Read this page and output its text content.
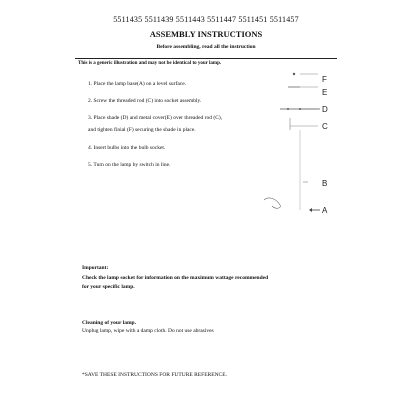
5511435 5511439 5511443 5511447 5511451 5511457
ASSEMBLY INSTRUCTIONS
Before assembling, read all the instruction
This is a generic illustration and may not be identical to your lamp.
1. Place the lamp base(A) on a level surface.
2. Screw the threaded rod (C) into socket assembly.
3. Place shade (D) and metal cover(E) over threaded rod (C),
and tighten finial (F) securing the shade in place.
4. Insert bulbs into the bulb socket.
5. Turn on the lamp by switch in line.
F
E
D
C
B
A
Important:
Check the lamp socket for information on the maximum wattage recommended for your specific lamp.
Cleaning of your lamp.
Unplug lamp, wipe with a damp cloth. Do not use abrasives
*SAVE THESE INSTRUCTIONS FOR FUTURE REFERENCE.
